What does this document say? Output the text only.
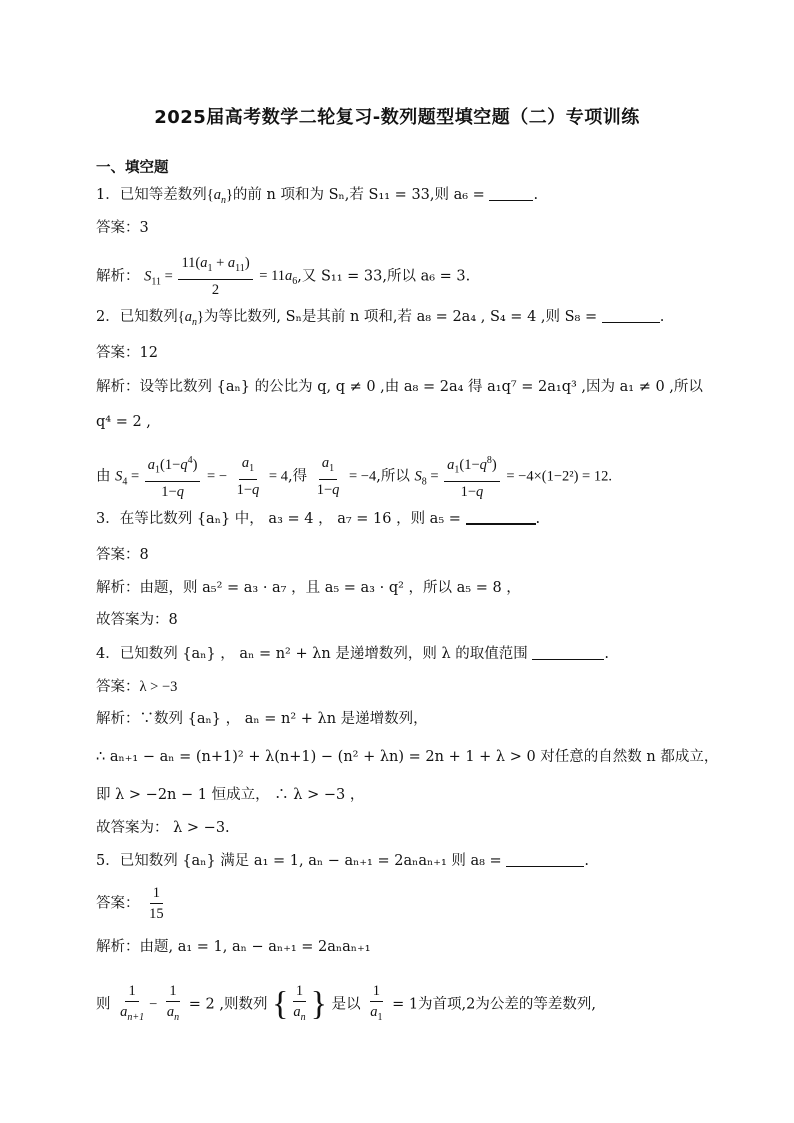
2025届高考数学二轮复习-数列题型填空题（二）专项训练
一、填空题
1．已知等差数列$\{a_n\}$的前 n 项和为 Sₙ,若 S₁₁ = 33,则 a₆ =	.
答案：3
解析： $S_{11} = \frac{11(a_1 + a_{11})}{2} = 11a_6$,又 S₁₁ = 33,所以 a₆ = 3.
2．已知数列$\{a_n\}$为等比数列, Sₙ是其前 n 项和,若 a₈ = 2a₄ , S₄ = 4 ,则 S₈ =	.
答案：12
解析：设等比数列 {aₙ} 的公比为 q, q ≠ 0 ,由 a₈ = 2a₄ 得 a₁q⁷ = 2a₁q³ ,因为 a₁ ≠ 0 ,所以
q⁴ = 2 ,
由 $S_4 = \frac{a_1(1-q^4)}{1-q}$ = − $\frac{a_1}{1-q} = 4$,得 $\frac{a_1}{1-q} = -4$,所以 $S_8 = \frac{a_1(1-q^8)}{1-q} = -4\times(1-2^2) = 12$.
3．在等比数列 {aₙ} 中， a₃ = 4 ， a₇ = 16 ，则 a₅ =	.
答案：8
解析：由题，则 a₅² = a₃ · a₇ ，且 a₅ = a₃ · q² ，所以 a₅ = 8 ，
故答案为：8
4．已知数列 {aₙ} ， aₙ = n² + λn 是递增数列，则 λ 的取值范围	.
答案：λ > −3
解析：∵数列 {aₙ} ， aₙ = n² + λn 是递增数列，
∴ aₙ₊₁ − aₙ = (n+1)² + λ(n+1) − (n² + λn) = 2n + 1 + λ > 0 对任意的自然数 n 都成立，
即 λ > −2n − 1 恒成立， ∴ λ > −3 ，
故答案为： λ > −3.
5．已知数列 {aₙ} 满足 a₁ = 1, aₙ − aₙ₊₁ = 2aₙaₙ₊₁ 则 a₈ =	.
答案： $\frac{1}{15}$
解析：由题, a₁ = 1, aₙ − aₙ₊₁ = 2aₙaₙ₊₁
则 $\frac{1}{a_{n+1}} - \frac{1}{a_n} = 2$ ,则数列 { $\frac{1}{a_n}$ } 是以 $\frac{1}{a_1} = 1$为首项,2为公差的等差数列,
